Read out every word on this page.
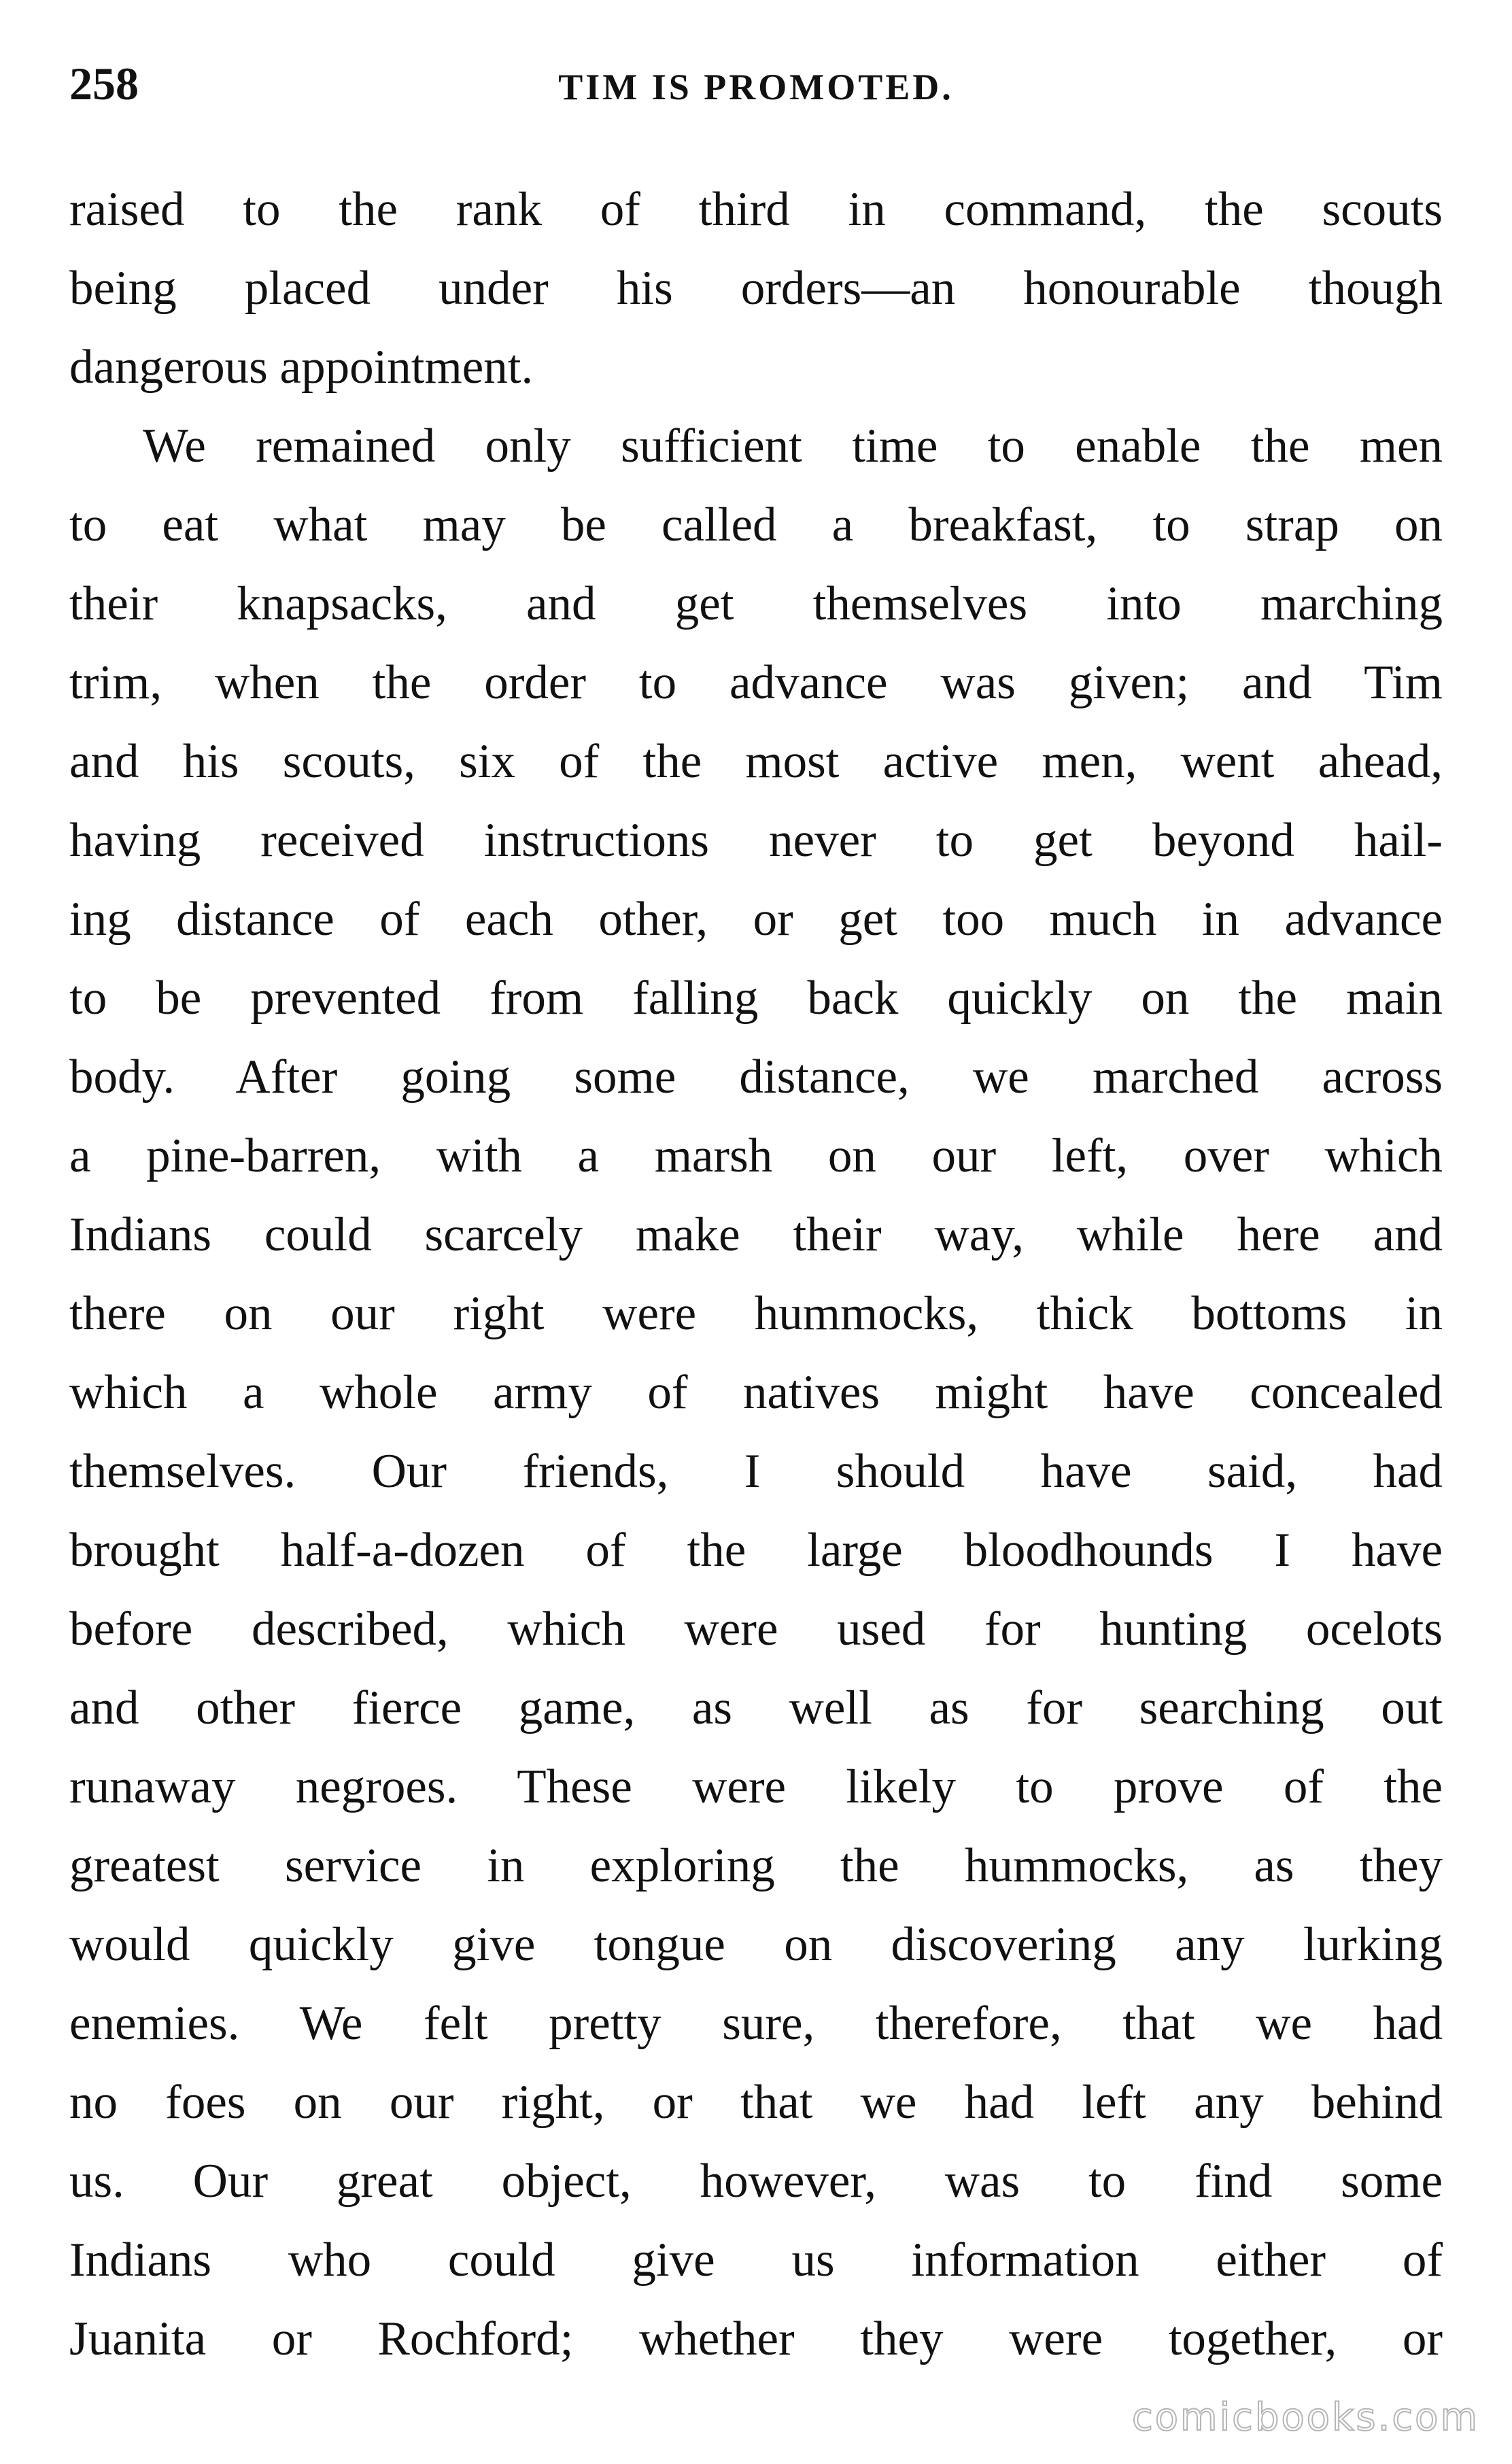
258	TIM IS PROMOTED.
raised to the rank of third in command, the scouts
being placed under his orders—an honourable though
dangerous appointment.
We remained only sufficient time to enable the men
to eat what may be called a breakfast, to strap on
their knapsacks, and get themselves into marching
trim, when the order to advance was given; and Tim
and his scouts, six of the most active men, went ahead,
having received instructions never to get beyond hail-
ing distance of each other, or get too much in advance
to be prevented from falling back quickly on the main
body. After going some distance, we marched across
a pine-barren, with a marsh on our left, over which
Indians could scarcely make their way, while here and
there on our right were hummocks, thick bottoms in
which a whole army of natives might have concealed
themselves. Our friends, I should have said, had
brought half-a-dozen of the large bloodhounds I have
before described, which were used for hunting ocelots
and other fierce game, as well as for searching out
runaway negroes. These were likely to prove of the
greatest service in exploring the hummocks, as they
would quickly give tongue on discovering any lurking
enemies. We felt pretty sure, therefore, that we had
no foes on our right, or that we had left any behind
us. Our great object, however, was to find some
Indians who could give us information either of
Juanita or Rochford; whether they were together, or
comicbooks.com
